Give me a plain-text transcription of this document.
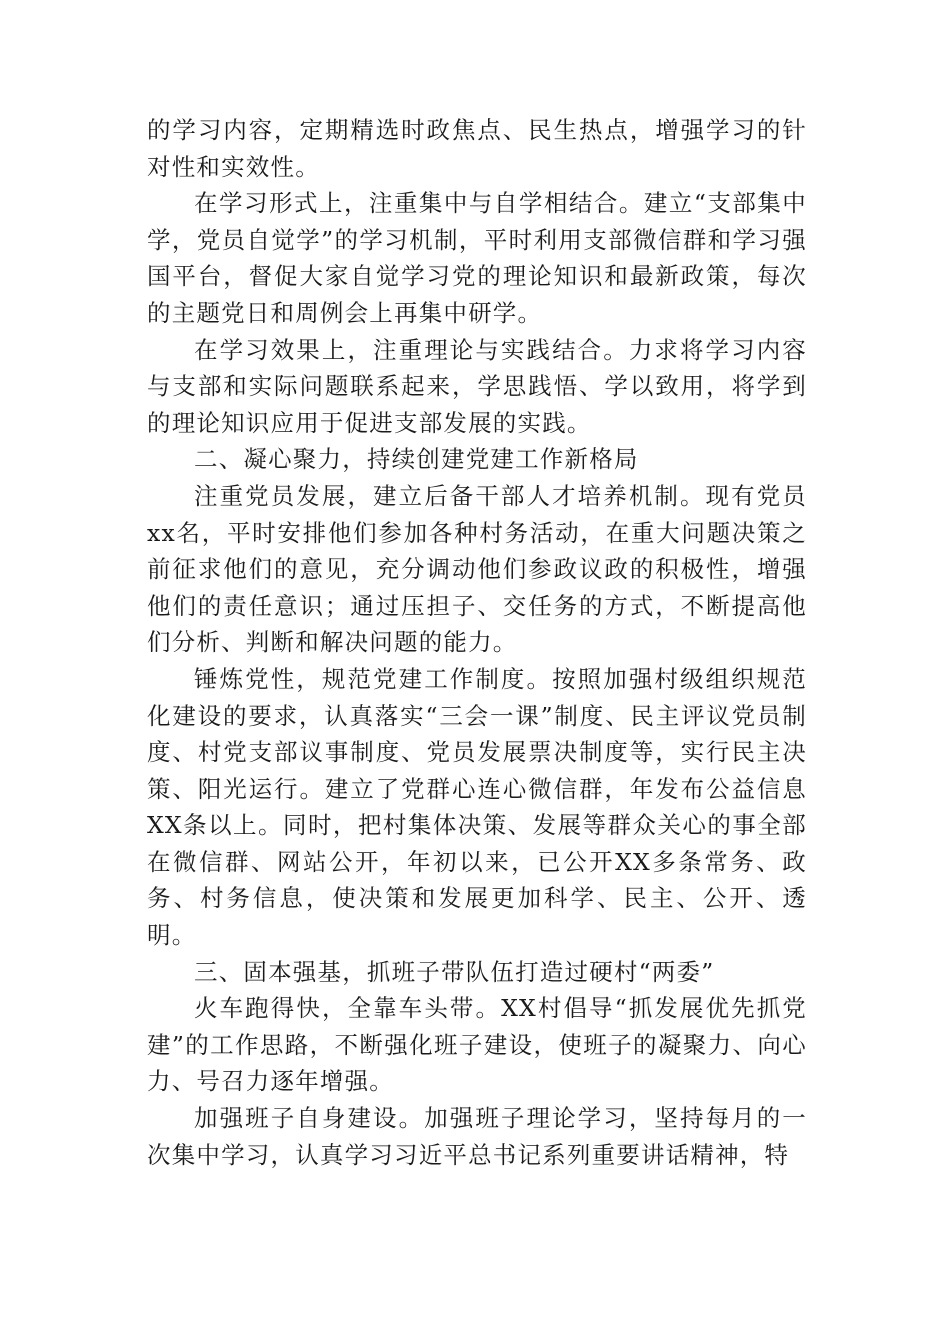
的学习内容，定期精选时政焦点、民生热点，增强学习的针对性和实效性。

在学习形式上，注重集中与自学相结合。建立“支部集中学，党员自觉学”的学习机制，平时利用支部微信群和学习强国平台，督促大家自觉学习党的理论知识和最新政策，每次的主题党日和周例会上再集中研学。

在学习效果上，注重理论与实践结合。力求将学习内容与支部和实际问题联系起来，学思践悟、学以致用，将学到的理论知识应用于促进支部发展的实践。

二、凝心聚力，持续创建党建工作新格局

注重党员发展，建立后备干部人才培养机制。现有党员xx名，平时安排他们参加各种村务活动，在重大问题决策之前征求他们的意见，充分调动他们参政议政的积极性，增强他们的责任意识；通过压担子、交任务的方式，不断提高他们分析、判断和解决问题的能力。

锤炼党性，规范党建工作制度。按照加强村级组织规范化建设的要求，认真落实“三会一课”制度、民主评议党员制度、村党支部议事制度、党员发展票决制度等，实行民主决策、阳光运行。建立了党群心连心微信群，年发布公益信息XX条以上。同时，把村集体决策、发展等群众关心的事全部在微信群、网站公开，年初以来，已公开XX多条常务、政务、村务信息，使决策和发展更加科学、民主、公开、透明。

三、固本强基，抓班子带队伍打造过硬村“两委”

火车跑得快，全靠车头带。XX村倡导“抓发展优先抓党建”的工作思路，不断强化班子建设，使班子的凝聚力、向心力、号召力逐年增强。

加强班子自身建设。加强班子理论学习，坚持每月的一次集中学习，认真学习习近平总书记系列重要讲话精神，特
